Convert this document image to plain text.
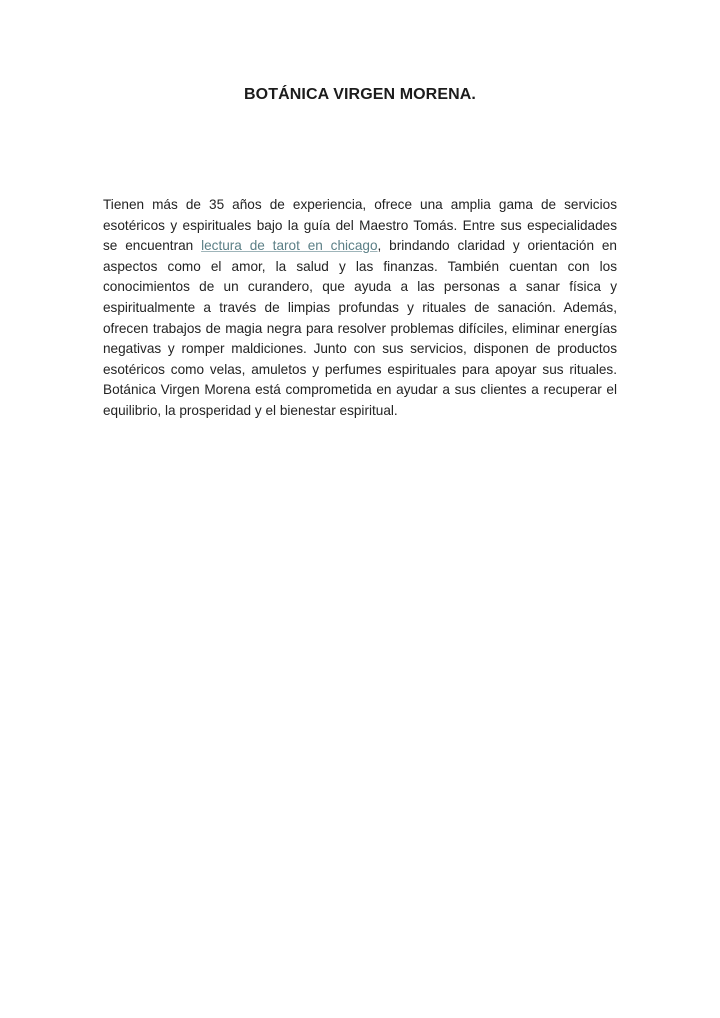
BOTÁNICA VIRGEN MORENA.

Tienen más de 35 años de experiencia, ofrece una amplia gama de servicios esotéricos y espirituales bajo la guía del Maestro Tomás. Entre sus especialidades se encuentran lectura de tarot en chicago, brindando claridad y orientación en aspectos como el amor, la salud y las finanzas. También cuentan con los conocimientos de un curandero, que ayuda a las personas a sanar física y espiritualmente a través de limpias profundas y rituales de sanación. Además, ofrecen trabajos de magia negra para resolver problemas difíciles, eliminar energías negativas y romper maldiciones. Junto con sus servicios, disponen de productos esotéricos como velas, amuletos y perfumes espirituales para apoyar sus rituales. Botánica Virgen Morena está comprometida en ayudar a sus clientes a recuperar el equilibrio, la prosperidad y el bienestar espiritual.
